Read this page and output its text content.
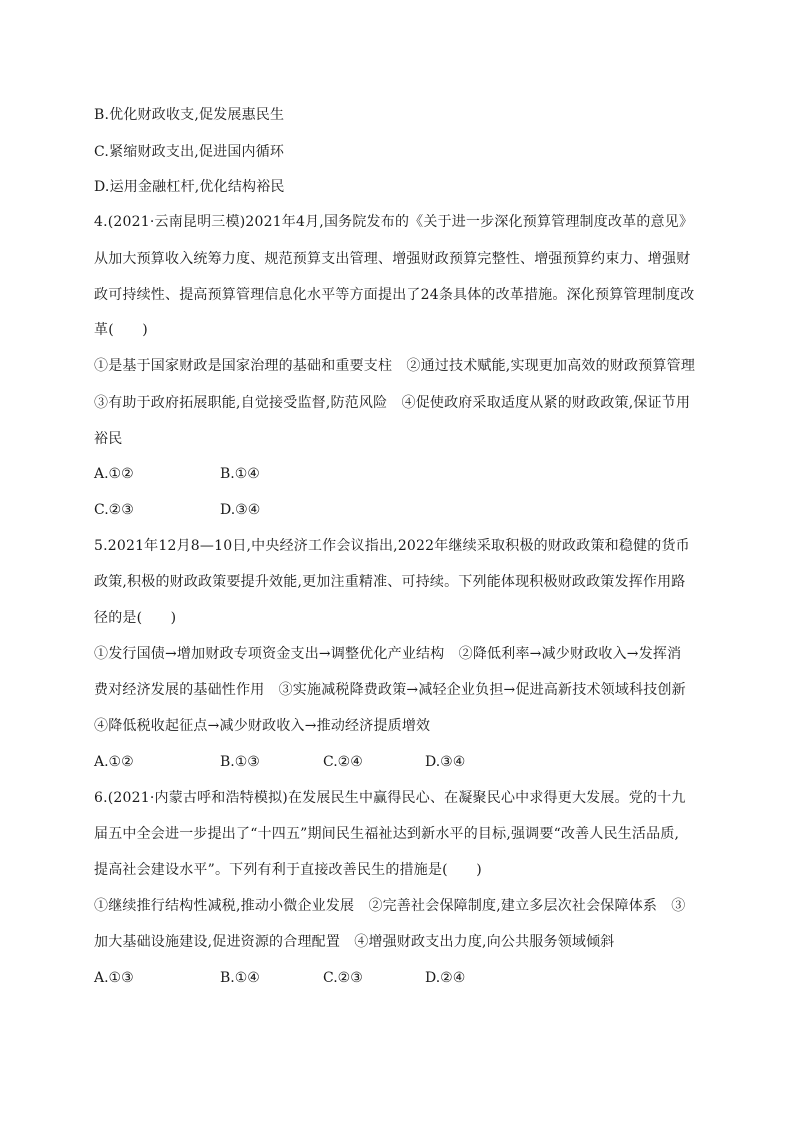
B.优化财政收支,促发展惠民生
C.紧缩财政支出,促进国内循环
D.运用金融杠杆,优化结构裕民
4.(2021·云南昆明三模)2021年4月,国务院发布的《关于进一步深化预算管理制度改革的意见》
从加大预算收入统筹力度、规范预算支出管理、增强财政预算完整性、增强预算约束力、增强财
政可持续性、提高预算管理信息化水平等方面提出了24条具体的改革措施。深化预算管理制度改
革(　　)
①是基于国家财政是国家治理的基础和重要支柱　②通过技术赋能,实现更加高效的财政预算管理
③有助于政府拓展职能,自觉接受监督,防范风险　④促使政府采取适度从紧的财政政策,保证节用
裕民
A.①②	B.①④
C.②③	D.③④
5.2021年12月8—10日,中央经济工作会议指出,2022年继续采取积极的财政政策和稳健的货币
政策,积极的财政政策要提升效能,更加注重精准、可持续。下列能体现积极财政政策发挥作用路
径的是(　　)
①发行国债→增加财政专项资金支出→调整优化产业结构　②降低利率→减少财政收入→发挥消
费对经济发展的基础性作用　③实施减税降费政策→减轻企业负担→促进高新技术领域科技创新
④降低税收起征点→减少财政收入→推动经济提质增效
A.①②	B.①③	C.②④	D.③④
6.(2021·内蒙古呼和浩特模拟)在发展民生中赢得民心、在凝聚民心中求得更大发展。党的十九
届五中全会进一步提出了“十四五”期间民生福祉达到新水平的目标,强调要“改善人民生活品质,
提高社会建设水平”。下列有利于直接改善民生的措施是(　　)
①继续推行结构性减税,推动小微企业发展　②完善社会保障制度,建立多层次社会保障体系　③
加大基础设施建设,促进资源的合理配置　④增强财政支出力度,向公共服务领域倾斜
A.①③	B.①④	C.②③	D.②④
